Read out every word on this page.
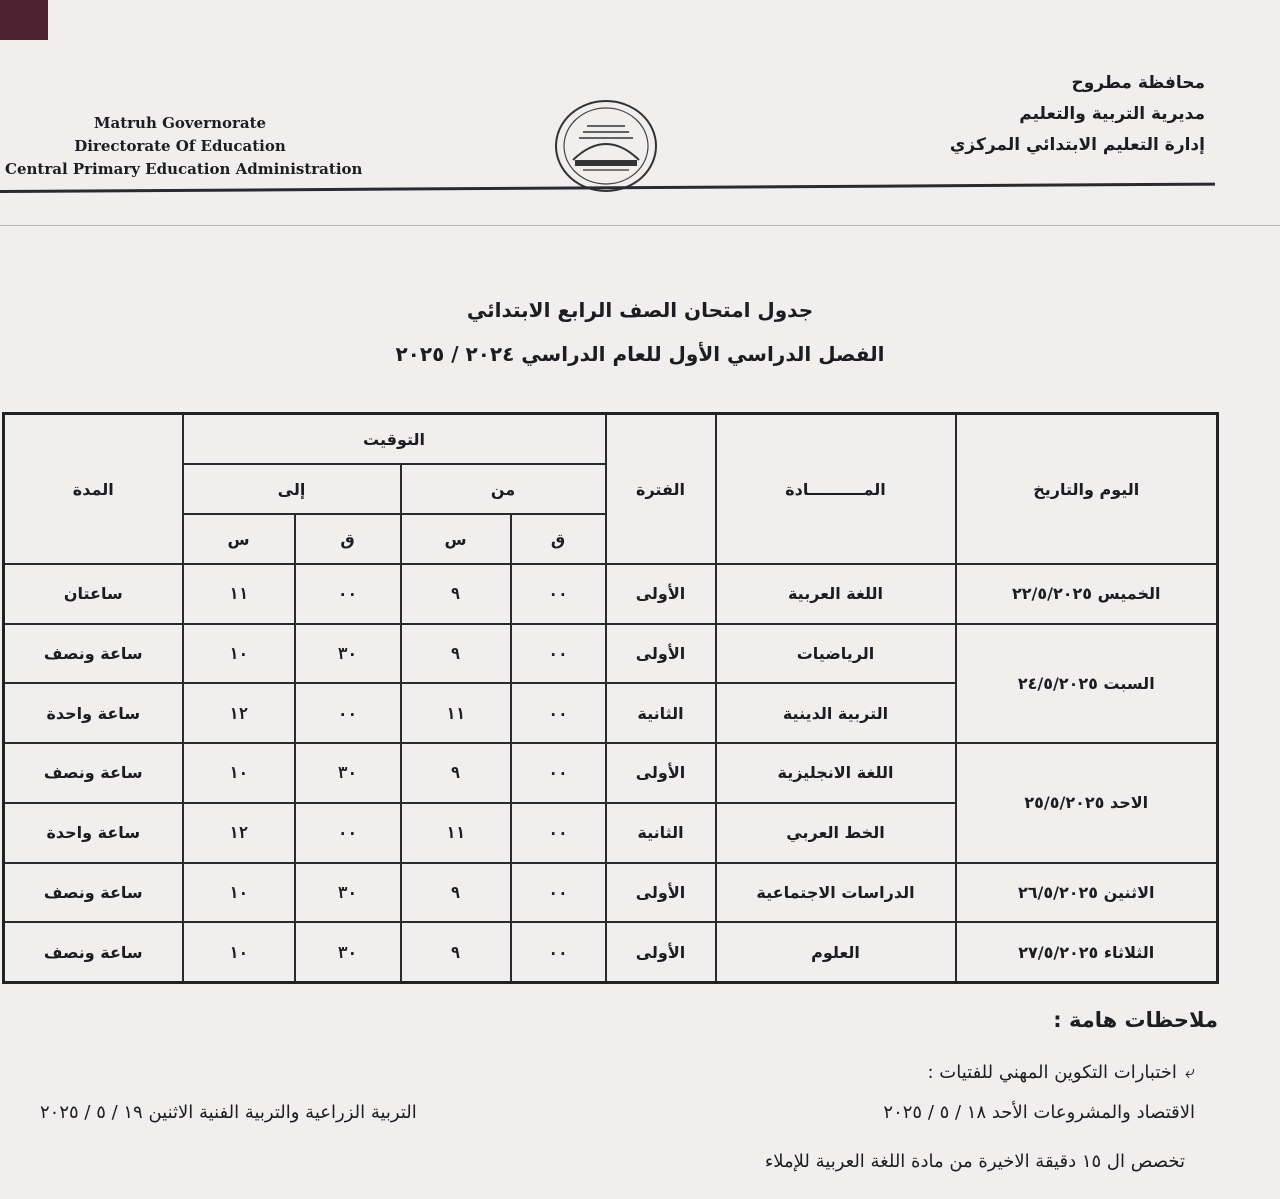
محافظة مطروح
مديرية التربية والتعليم
إدارة التعليم الابتدائي المركزي
Matruh Governorate
Directorate Of Education
Central Primary Education Administration
جدول امتحان الصف الرابع الابتدائي
الفصل الدراسي الأول للعام الدراسي ٢٠٢٤ / ٢٠٢٥
اليوم والتاريخ	المــــــــــادة	الفترة	التوقيت				المدة
			من		إلى		
			ق	س	ق	س	
الخميس ٢٢/٥/٢٠٢٥	اللغة العربية	الأولى	٠٠	٩	٠٠	١١	ساعتان
السبت ٢٤/٥/٢٠٢٥	الرياضيات	الأولى	٠٠	٩	٣٠	١٠	ساعة ونصف
	التربية الدينية	الثانية	٠٠	١١	٠٠	١٢	ساعة واحدة
الاحد ٢٥/٥/٢٠٢٥	اللغة الانجليزية	الأولى	٠٠	٩	٣٠	١٠	ساعة ونصف
	الخط العربي	الثانية	٠٠	١١	٠٠	١٢	ساعة واحدة
الاثنين ٢٦/٥/٢٠٢٥	الدراسات الاجتماعية	الأولى	٠٠	٩	٣٠	١٠	ساعة ونصف
الثلاثاء ٢٧/٥/٢٠٢٥	العلوم	الأولى	٠٠	٩	٣٠	١٠	ساعة ونصف
ملاحظات هامة :
⤶اختبارات التكوين المهني للفتيات :
الاقتصاد والمشروعات الأحد ١٨ / ٥ / ٢٠٢٥
التربية الزراعية والتربية الفنية الاثنين ١٩ / ٥ / ٢٠٢٥
تخصص ال ١٥ دقيقة الاخيرة من مادة اللغة العربية للإملاء
